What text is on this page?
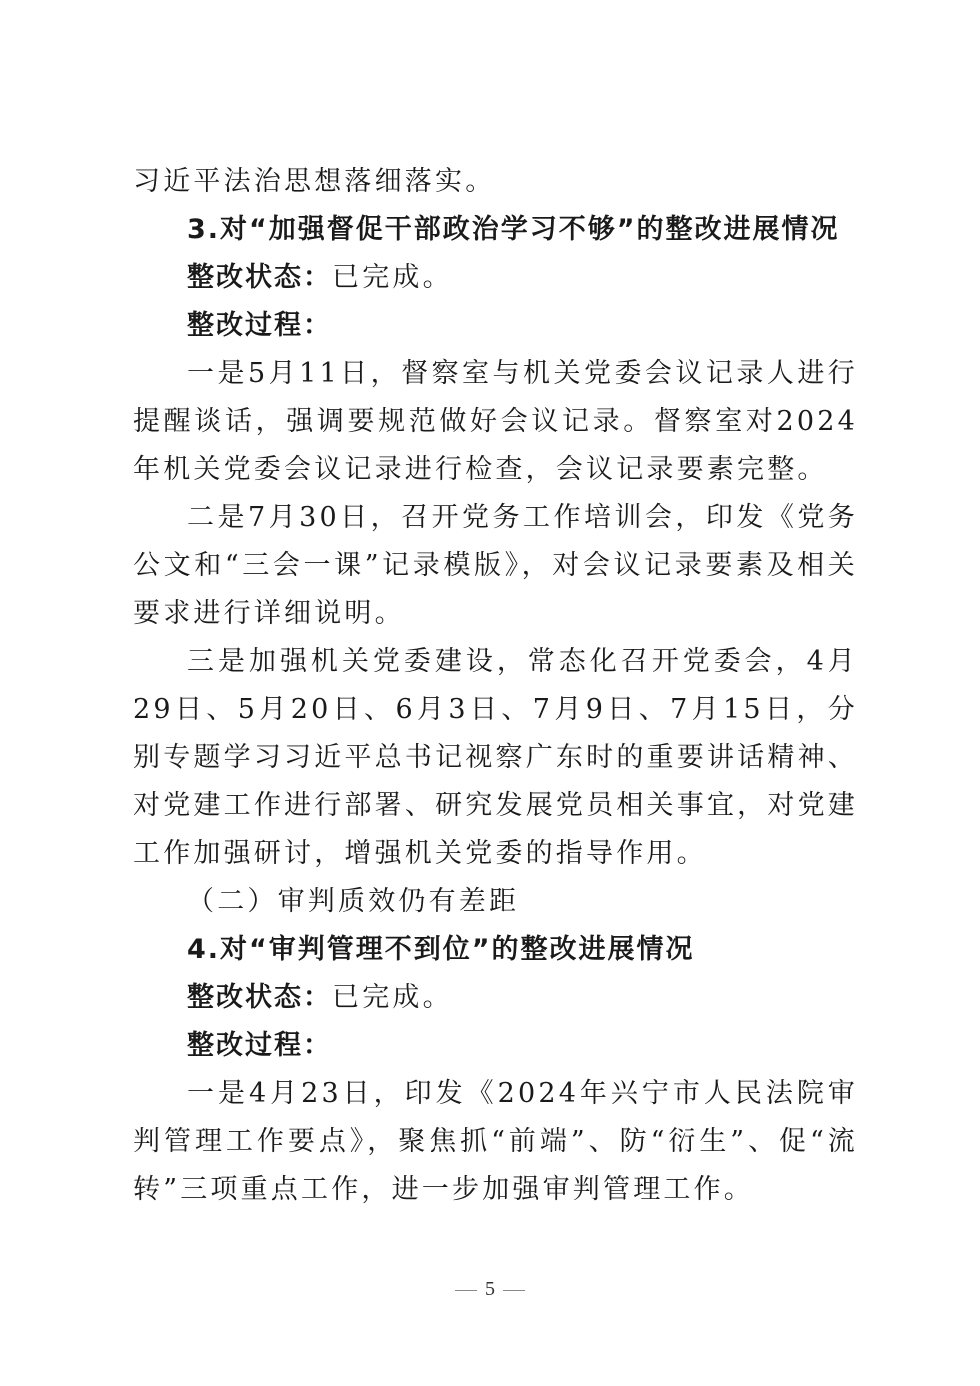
习近平法治思想落细落实。

3.对“加强督促干部政治学习不够”的整改进展情况

整改状态：已完成。

整改过程：

一是5月11日，督察室与机关党委会议记录人进行提醒谈话，强调要规范做好会议记录。督察室对2024年机关党委会议记录进行检查，会议记录要素完整。

二是7月30日，召开党务工作培训会，印发《党务公文和“三会一课”记录模版》，对会议记录要素及相关要求进行详细说明。

三是加强机关党委建设，常态化召开党委会，4月29日、5月20日、6月3日、7月9日、7月15日，分别专题学习习近平总书记视察广东时的重要讲话精神、对党建工作进行部署、研究发展党员相关事宜，对党建工作加强研讨，增强机关党委的指导作用。

（二）审判质效仍有差距

4.对“审判管理不到位”的整改进展情况

整改状态：已完成。

整改过程：

一是4月23日，印发《2024年兴宁市人民法院审判管理工作要点》，聚焦抓“前端”、防“衍生”、促“流转”三项重点工作，进一步加强审判管理工作。

5
